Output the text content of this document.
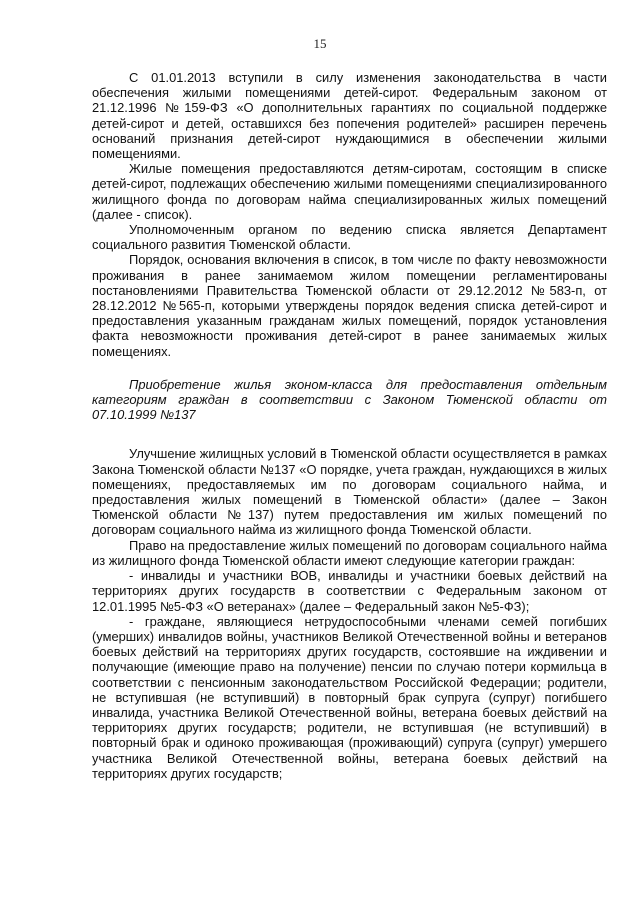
15

С 01.01.2013 вступили в силу изменения законодательства в части обеспечения жилыми помещениями детей-сирот. Федеральным законом от 21.12.1996 №159-ФЗ «О дополнительных гарантиях по социальной поддержке детей-сирот и детей, оставшихся без попечения родителей» расширен перечень оснований признания детей-сирот нуждающимися в обеспечении жилыми помещениями.

Жилые помещения предоставляются детям-сиротам, состоящим в списке детей-сирот, подлежащих обеспечению жилыми помещениями специализированного жилищного фонда по договорам найма специализированных жилых помещений (далее - список).

Уполномоченным органом по ведению списка является Департамент социального развития Тюменской области.

Порядок, основания включения в список, в том числе по факту невозможности проживания в ранее занимаемом жилом помещении регламентированы постановлениями Правительства Тюменской области от 29.12.2012 №583-п, от 28.12.2012 №565-п, которыми утверждены порядок ведения списка детей-сирот и предоставления указанным гражданам жилых помещений, порядок установления факта невозможности проживания детей-сирот в ранее занимаемых жилых помещениях.

Приобретение жилья эконом-класса для предоставления отдельным категориям граждан в соответствии с Законом Тюменской области от 07.10.1999 №137

Улучшение жилищных условий в Тюменской области осуществляется в рамках Закона Тюменской области №137 «О порядке, учета граждан, нуждающихся в жилых помещениях, предоставляемых им по договорам социального найма, и предоставления жилых помещений в Тюменской области» (далее – Закон Тюменской области №137) путем предоставления им жилых помещений по договорам социального найма из жилищного фонда Тюменской области.

Право на предоставление жилых помещений по договорам социального найма из жилищного фонда Тюменской области имеют следующие категории граждан:

- инвалиды и участники ВОВ, инвалиды и участники боевых действий на территориях других государств в соответствии с Федеральным законом от 12.01.1995 №5-ФЗ «О ветеранах» (далее – Федеральный закон №5-ФЗ);

- граждане, являющиеся нетрудоспособными членами семей погибших (умерших) инвалидов войны, участников Великой Отечественной войны и ветеранов боевых действий на территориях других государств, состоявшие на иждивении и получающие (имеющие право на получение) пенсии по случаю потери кормильца в соответствии с пенсионным законодательством Российской Федерации; родители, не вступившая (не вступивший) в повторный брак супруга (супруг) погибшего инвалида, участника Великой Отечественной войны, ветерана боевых действий на территориях других государств; родители, не вступившая (не вступивший) в повторный брак и одиноко проживающая (проживающий) супруга (супруг) умершего участника Великой Отечественной войны, ветерана боевых действий на территориях других государств;
